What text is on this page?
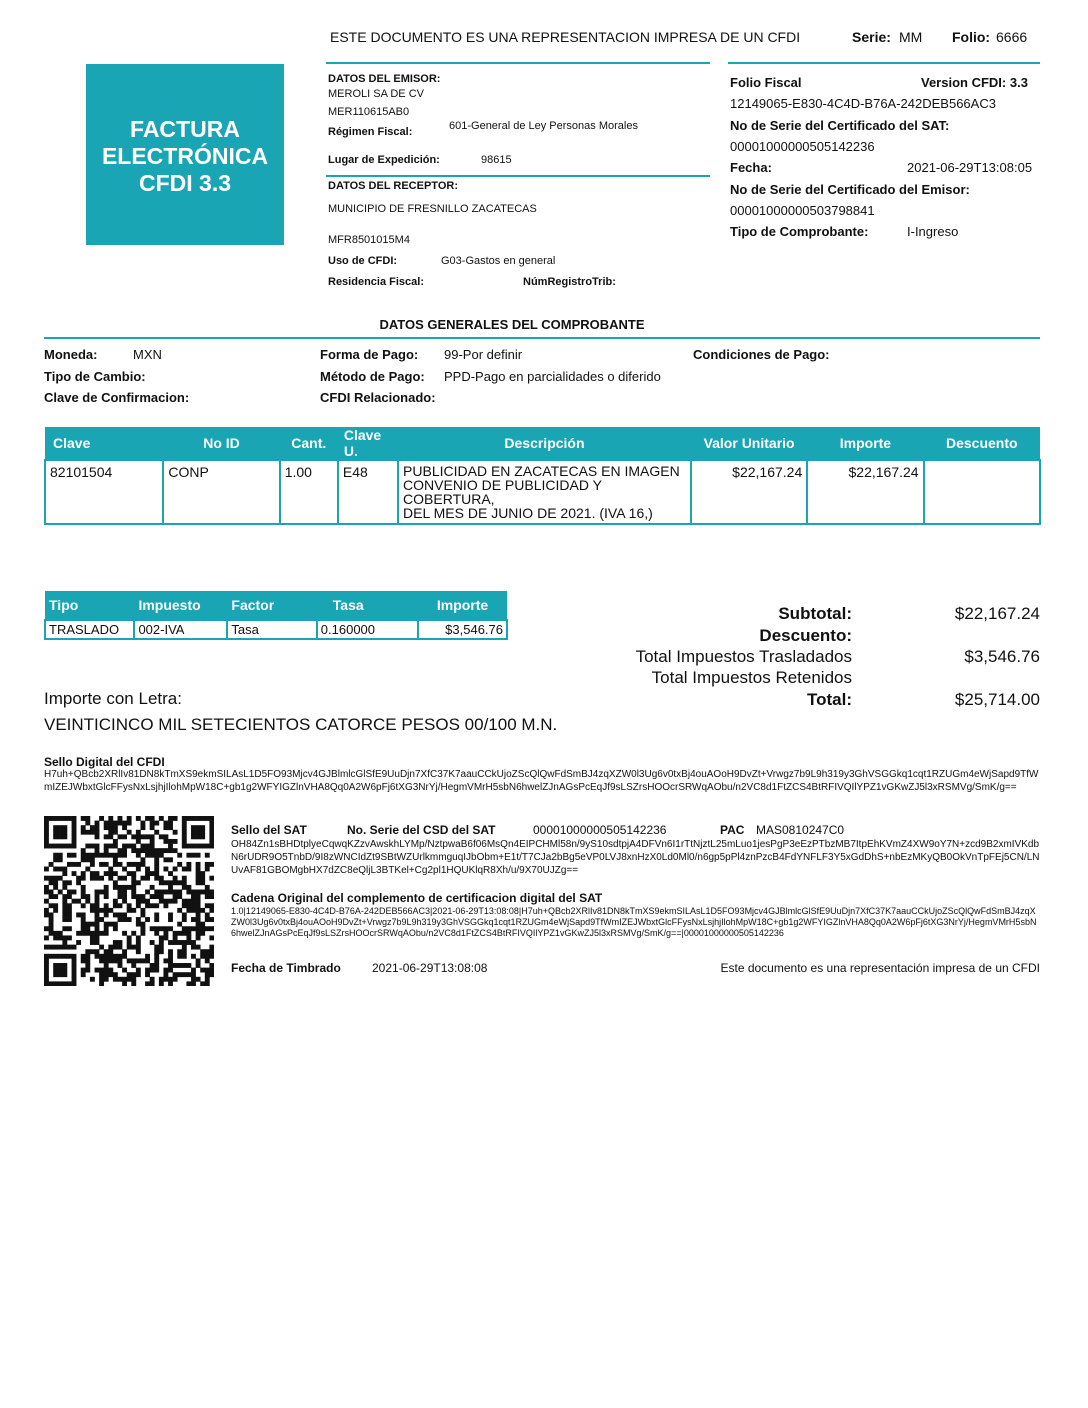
ESTE DOCUMENTO ES UNA REPRESENTACION IMPRESA DE UN CFDI	Serie: MM Folio: 6666
FACTURA
ELECTRÓNICA
CFDI 3.3
DATOS DEL EMISOR:
MEROLI SA DE CV
MER110615AB0
Régimen Fiscal:	601-General de Ley Personas Morales
Lugar de Expedición:	98615
DATOS DEL RECEPTOR:
MUNICIPIO DE FRESNILLO ZACATECAS
MFR8501015M4
Uso de CFDI:	G03-Gastos en general
Residencia Fiscal:	NúmRegistroTrib:
Folio Fiscal	Version CFDI: 3.3
12149065-E830-4C4D-B76A-242DEB566AC3
No de Serie del Certificado del SAT:
00001000000505142236
Fecha:	2021-06-29T13:08:05
No de Serie del Certificado del Emisor:
00001000000503798841
Tipo de Comprobante:	I-Ingreso
DATOS GENERALES DEL COMPROBANTE
Moneda:	MXN
Tipo de Cambio:
Clave de Confirmacion:
Forma de Pago: 99-Por definir
Método de Pago: PPD-Pago en parcialidades o diferido
CFDI Relacionado:
Condiciones de Pago:
Clave	No ID	Cant.	Clave U.	Descripción	Valor Unitario	Importe	Descuento
82101504	CONP	1.00	E48	PUBLICIDAD EN ZACATECAS EN IMAGEN
CONVENIO DE PUBLICIDAD Y
COBERTURA,
DEL MES DE JUNIO DE 2021. (IVA 16,)	$22,167.24	$22,167.24	
Tipo	Impuesto	Factor	Tasa	Importe
TRASLADO	002-IVA	Tasa	0.160000	$3,546.76
Subtotal:	$22,167.24
Descuento:
Total Impuestos Trasladados	$3,546.76
Total Impuestos Retenidos
Total:	$25,714.00
Importe con Letra:
VEINTICINCO MIL SETECIENTOS CATORCE PESOS 00/100 M.N.
Sello Digital del CFDI
H7uh+QBcb2XRlIv81DN8kTmXS9ekmSILAsL1D5FO93Mjcv4GJBlmlcGlSfE9UuDjn7XfC37K7aauCCkUjoZScQlQwFdSmBJ4zqXZW0l3Ug6v0txBj4ouAOoH9DvZt+Vrwgz7b9L9h319y3GhVSGGkq1cqt1RZUGm4eWjSapd9TfWmIZEJWbxtGlcFFysNxLsjhjIlohMpW18C+gb1g2WFYIGZlnVHA8Qq0A2W6pFj6tXG3NrYj/HegmVMrH5sbN6hwelZJnAGsPcEqJf9sLSZrsHOOcrSRWqAObu/n2VC8d1FtZCS4BtRFIVQIlYPZ1vGKwZJ5l3xRSMVg/SmK/g==
Sello del SAT	No. Serie del CSD del SAT	00001000000505142236	PAC MAS0810247C0
OH84Zn1sBHDtplyeCqwqKZzvAwskhLYMp/NztpwaB6f06MsQn4EIPCHMl58n/9yS10sdtpjA4DFVn6I1rTtNjztL25mLuo1jesPgP3eEzPTbzMB7ItpEhKVmZ4XW9oY7N+zcd9B2xmIVKdbN6rUDR9O5TnbD/9I8zWNCIdZt9SBtWZUrlkmmguqIJbObm+E1t/T7CJa2bBg5eVP0LVJ8xnHzX0Ld0Ml0/n6gp5pPl4znPzcB4FdYNFLF3Y5xGdDhS+nbEzMKyQB0OkVnTpFEj5CN/LNUvAF81GBOMgbHX7dZC8eQljL3BTKel+Cg2pl1HQUKlqR8Xh/u/9X70UJZg==
Cadena Original del complemento de certificacion digital del SAT
1.0|12149065-E830-4C4D-B76A-242DEB566AC3|2021-06-29T13:08:08|H7uh+QBcb2XRlIv81DN8kTmXS9ekmSILAsL1D5FO93Mjcv4GJBlmlcGlSfE9UuDjn7XfC37K7aauCCkUjoZScQlQwFdSmBJ4zqXZW0l3Ug6v0txBj4ouAOoH9DvZt+Vrwgz7b9L9h319y3GhVSGGkq1cqt1RZUGm4eWjSapd9TfWmIZEJWbxtGlcFFysNxLsjhjIlohMpW18C+gb1g2WFYIGZlnVHA8Qq0A2W6pFj6tXG3NrYj/HegmVMrH5sbN6hwelZJnAGsPcEqJf9sLSZrsHOOcrSRWqAObu/n2VC8d1FtZCS4BtRFIVQIlYPZ1vGKwZJ5l3xRSMVg/SmK/g==|00001000000505142236
Fecha de Timbrado	2021-06-29T13:08:08	Este documento es una representación impresa de un CFDI
